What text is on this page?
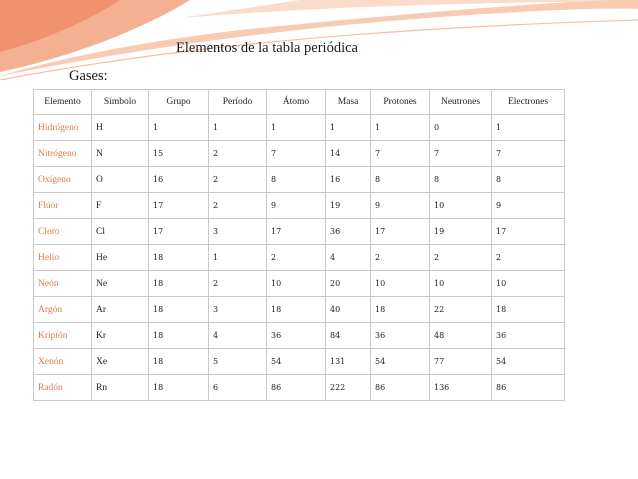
Elementos de la tabla periódica
Gases:
Elemento	Símbolo	Grupo	Período	Átomo	Masa	Protones	Neutrones	Electrones
Hidrógeno	H	1	1	1	1	1	0	1
Nitrógeno	N	15	2	7	14	7	7	7
Oxígeno	O	16	2	8	16	8	8	8
Flúor	F	17	2	9	19	9	10	9
Cloro	Cl	17	3	17	36	17	19	17
Helio	He	18	1	2	4	2	2	2
Neón	Ne	18	2	10	20	10	10	10
Argón	Ar	18	3	18	40	18	22	18
Kriptón	Kr	18	4	36	84	36	48	36
Xenón	Xe	18	5	54	131	54	77	54
Radón	Rn	18	6	86	222	86	136	86
